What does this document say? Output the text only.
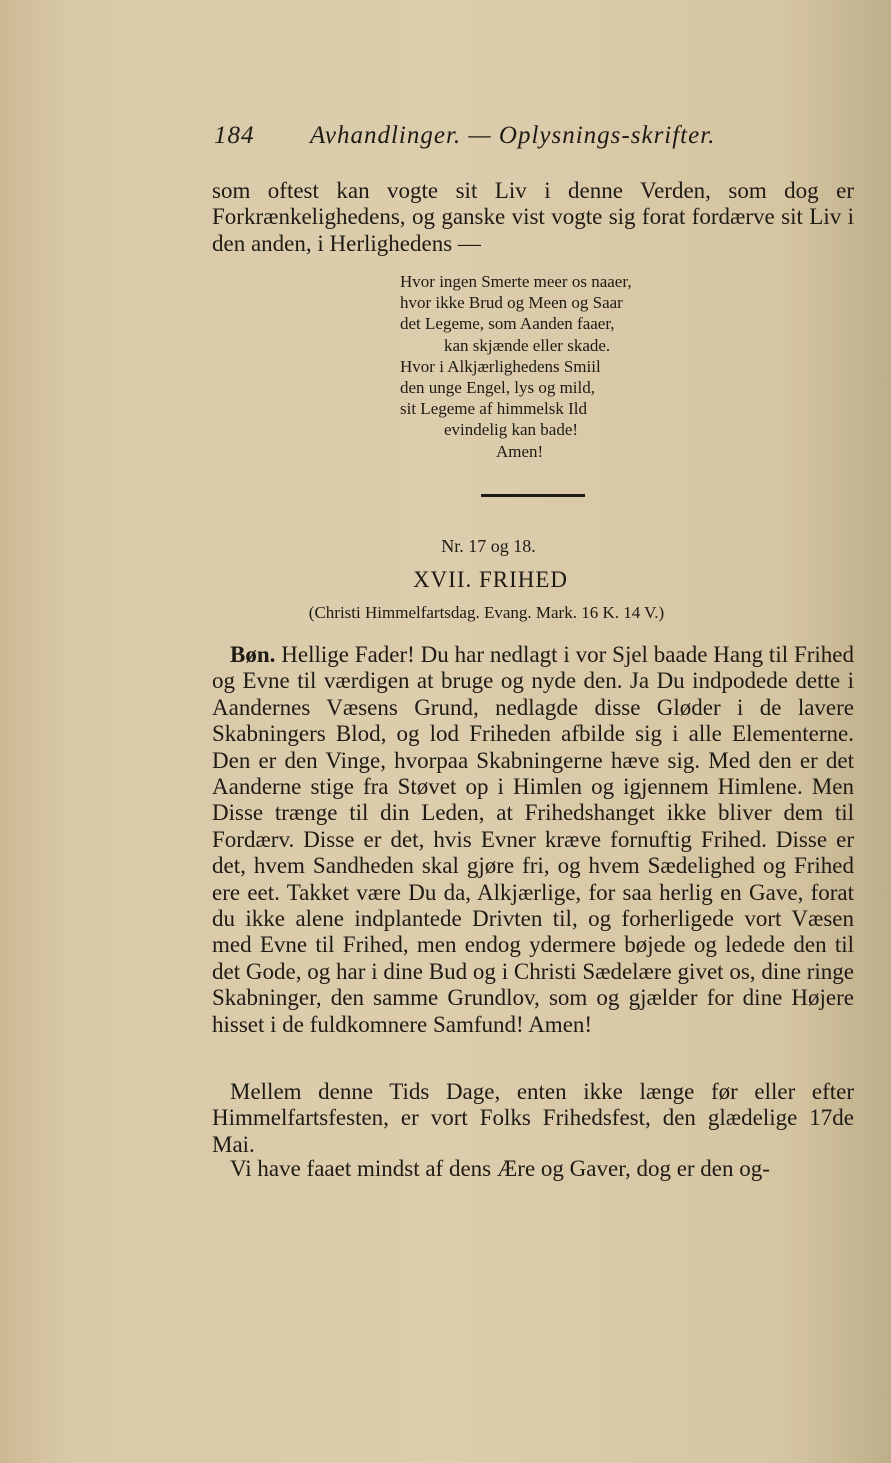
184 Avhandlinger. — Oplysnings-skrifter.
som oftest kan vogte sit Liv i denne Verden, som dog er Forkrænkelighedens, og ganske vist vogte sig forat fordærve sit Liv i den anden, i Herlighedens —
Hvor ingen Smerte meer os naaer,
hvor ikke Brud og Meen og Saar
det Legeme, som Aanden faaer,
kan skjænde eller skade.
Hvor i Alkjærlighedens Smiil
den unge Engel, lys og mild,
sit Legeme af himmelsk Ild
evindelig kan bade!
Amen!
Nr. 17 og 18.
XVII. FRIHED
(Christi Himmelfartsdag. Evang. Mark. 16 K. 14 V.)
Bøn. Hellige Fader! Du har nedlagt i vor Sjel baade Hang til Frihed og Evne til værdigen at bruge og nyde den. Ja Du indpodede dette i Aandernes Væsens Grund, nedlagde disse Gløder i de lavere Skabningers Blod, og lod Friheden afbilde sig i alle Elementerne. Den er den Vinge, hvorpaa Skabningerne hæve sig. Med den er det Aanderne stige fra Støvet op i Himlen og igjennem Himlene. Men Disse trænge til din Leden, at Frihedshanget ikke bliver dem til Fordærv. Disse er det, hvis Evner kræve fornuftig Frihed. Disse er det, hvem Sandheden skal gjøre fri, og hvem Sædelighed og Frihed ere eet. Takket være Du da, Alkjærlige, for saa herlig en Gave, forat du ikke alene indplantede Drivten til, og forherligede vort Væsen med Evne til Frihed, men endog ydermere bøjede og ledede den til det Gode, og har i dine Bud og i Christi Sædelære givet os, dine ringe Skabninger, den samme Grundlov, som og gjælder for dine Højere hisset i de fuldkomnere Samfund! Amen!
Mellem denne Tids Dage, enten ikke længe før eller efter Himmelfartsfesten, er vort Folks Frihedsfest, den glædelige 17de Mai.
Vi have faaet mindst af dens Ære og Gaver, dog er den og-
